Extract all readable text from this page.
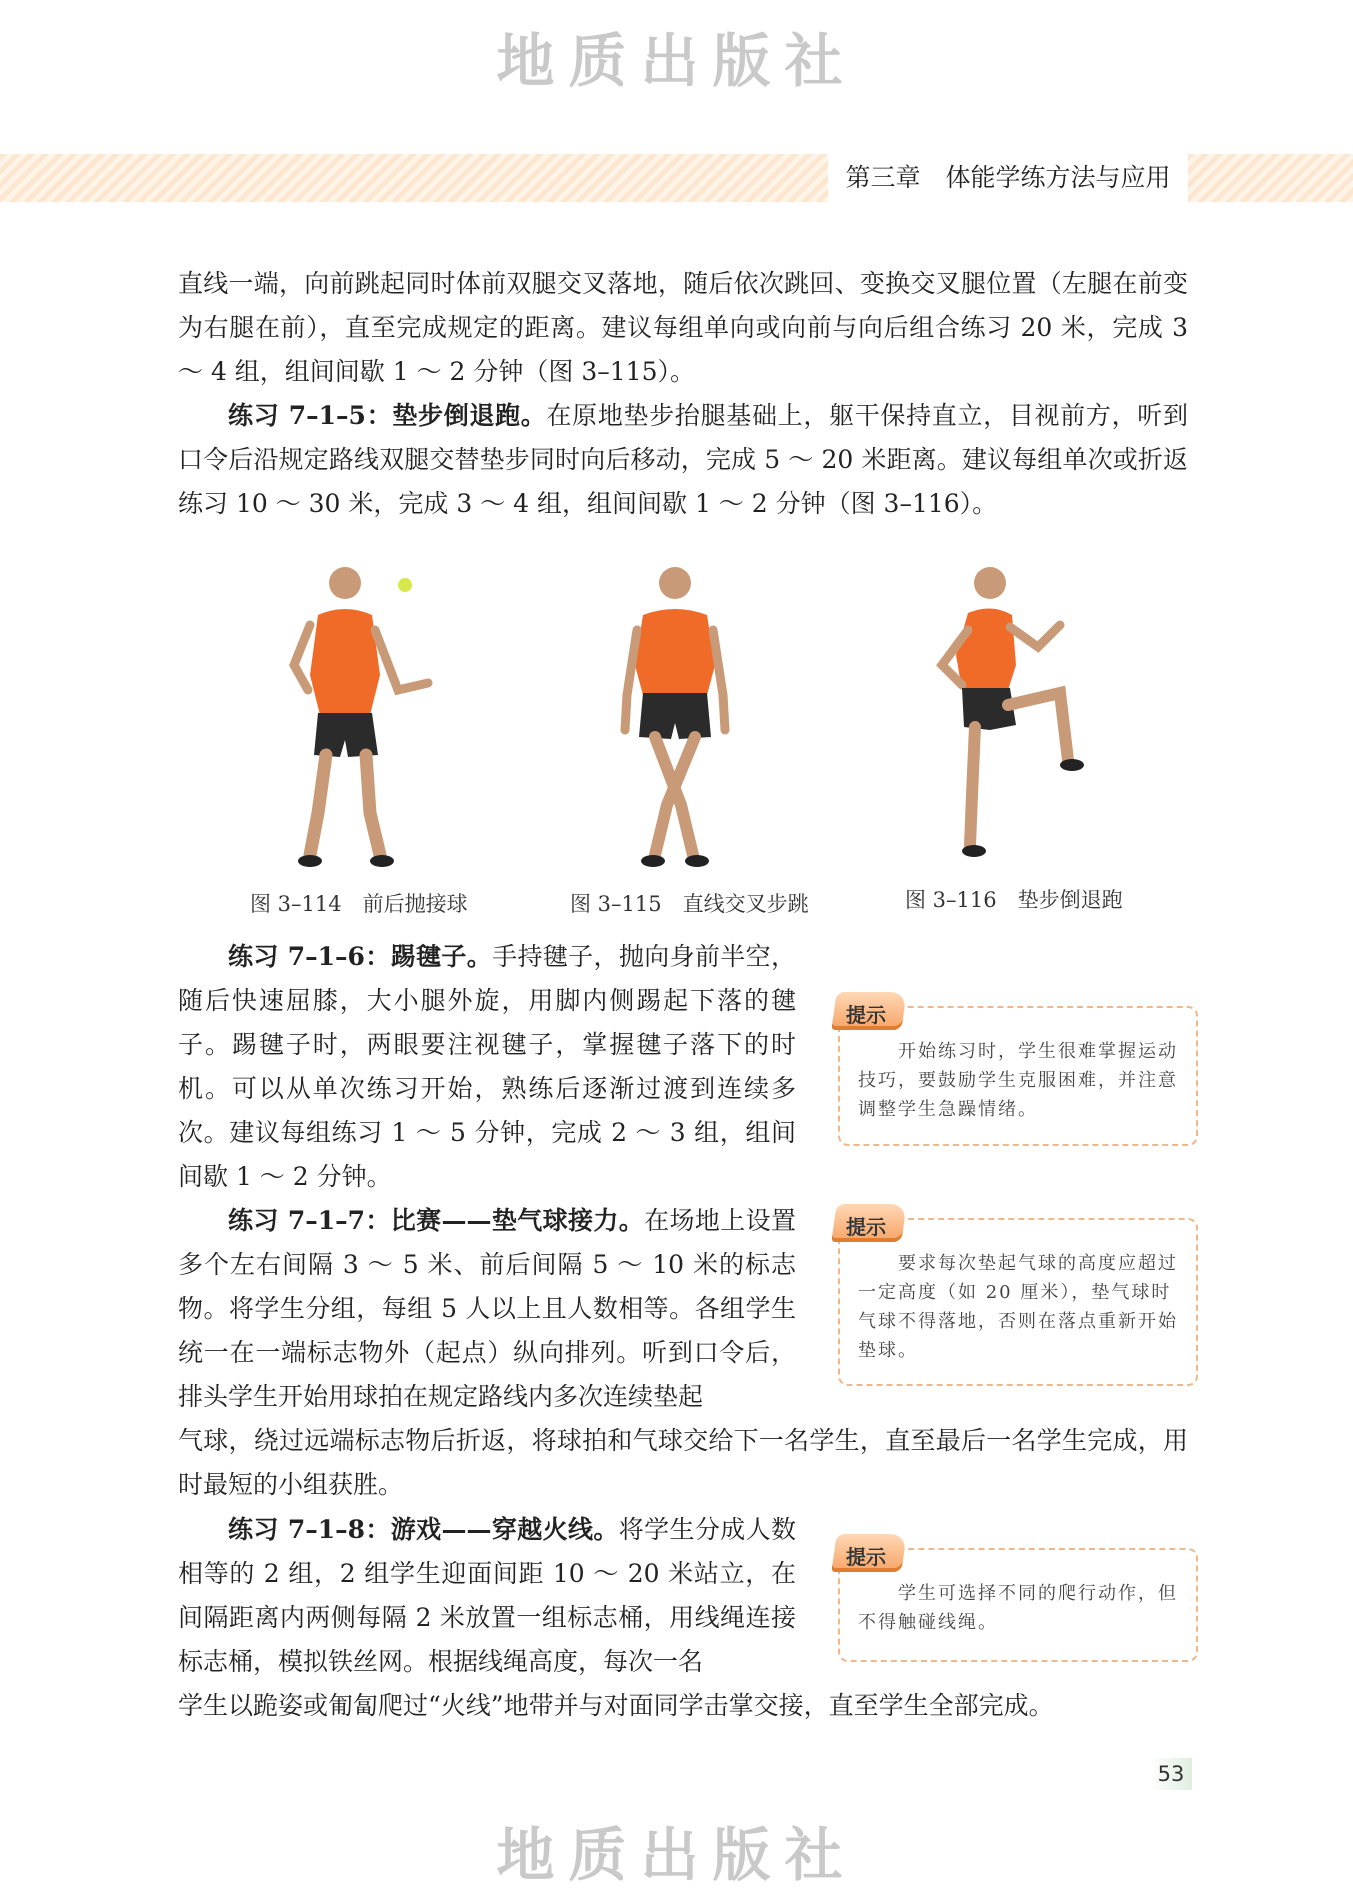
地质出版社
第三章　体能学练方法与应用

直线一端，向前跳起同时体前双腿交叉落地，随后依次跳回、变换交叉腿位置（左腿在前变为右腿在前），直至完成规定的距离。建议每组单向或向前与向后组合练习 20 米，完成 3 ～ 4 组，组间间歇 1 ～ 2 分钟（图 3–115）。

练习 7–1–5：垫步倒退跑。在原地垫步抬腿基础上，躯干保持直立，目视前方，听到口令后沿规定路线双腿交替垫步同时向后移动，完成 5 ～ 20 米距离。建议每组单次或折返练习 10 ～ 30 米，完成 3 ～ 4 组，组间间歇 1 ～ 2 分钟（图 3–116）。

图 3–114　前后抛接球	图 3–115　直线交叉步跳	图 3–116　垫步倒退跑

练习 7–1–6：踢毽子。手持毽子，抛向身前半空，随后快速屈膝，大小腿外旋，用脚内侧踢起下落的毽子。踢毽子时，两眼要注视毽子，掌握毽子落下的时机。可以从单次练习开始，熟练后逐渐过渡到连续多次。建议每组练习 1 ～ 5 分钟，完成 2 ～ 3 组，组间间歇 1 ～ 2 分钟。

提示

　　开始练习时，学生很难掌握运动技巧，要鼓励学生克服困难，并注意调整学生急躁情绪。

练习 7–1–7：比赛——垫气球接力。在场地上设置多个左右间隔 3 ～ 5 米、前后间隔 5 ～ 10 米的标志物。将学生分组，每组 5 人以上且人数相等。各组学生统一在一端标志物外（起点）纵向排列。听到口令后，排头学生开始用球拍在规定路线内多次连续垫起

气球，绕过远端标志物后折返，将球拍和气球交给下一名学生，直至最后一名学生完成，用时最短的小组获胜。

提示

　　要求每次垫起气球的高度应超过一定高度（如 20 厘米），垫气球时气球不得落地，否则在落点重新开始垫球。

练习 7–1–8：游戏——穿越火线。将学生分成人数相等的 2 组，2 组学生迎面间距 10 ～ 20 米站立，在间隔距离内两侧每隔 2 米放置一组标志桶，用线绳连接标志桶，模拟铁丝网。根据线绳高度，每次一名

学生以跪姿或匍匐爬过“火线”地带并与对面同学击掌交接，直至学生全部完成。

提示

　　学生可选择不同的爬行动作，但不得触碰线绳。

53
地质出版社
